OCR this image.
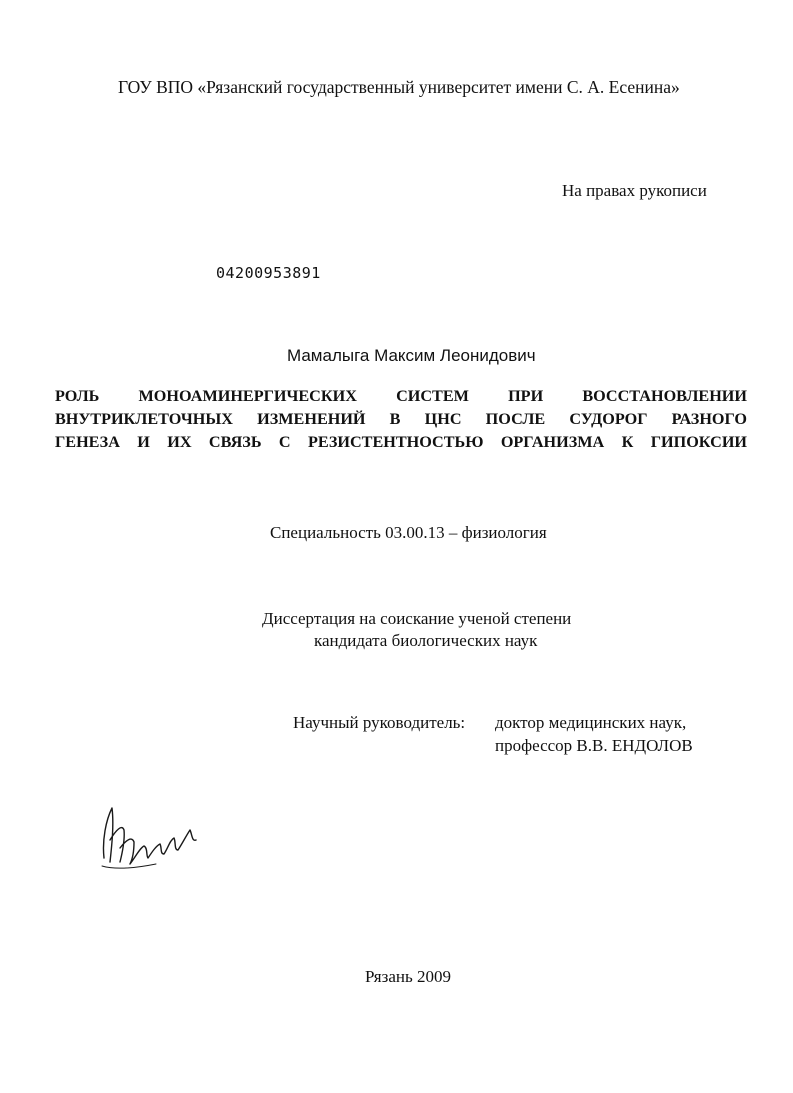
ГОУ ВПО «Рязанский государственный университет имени С. А. Есенина»
На правах рукописи
04200953891
Мамалыга Максим Леонидович
РОЛЬ МОНОАМИНЕРГИЧЕСКИХ СИСТЕМ ПРИ ВОССТАНОВЛЕНИИ
ВНУТРИКЛЕТОЧНЫХ ИЗМЕНЕНИЙ В ЦНС ПОСЛЕ СУДОРОГ РАЗНОГО
ГЕНЕЗА И ИХ СВЯЗЬ С РЕЗИСТЕНТНОСТЬЮ ОРГАНИЗМА К ГИПОКСИИ
Специальность 03.00.13 – физиология
Диссертация на соискание ученой степени
кандидата биологических наук
Научный руководитель: доктор медицинских наук,
профессор В.В. ЕНДОЛОВ
Рязань 2009
